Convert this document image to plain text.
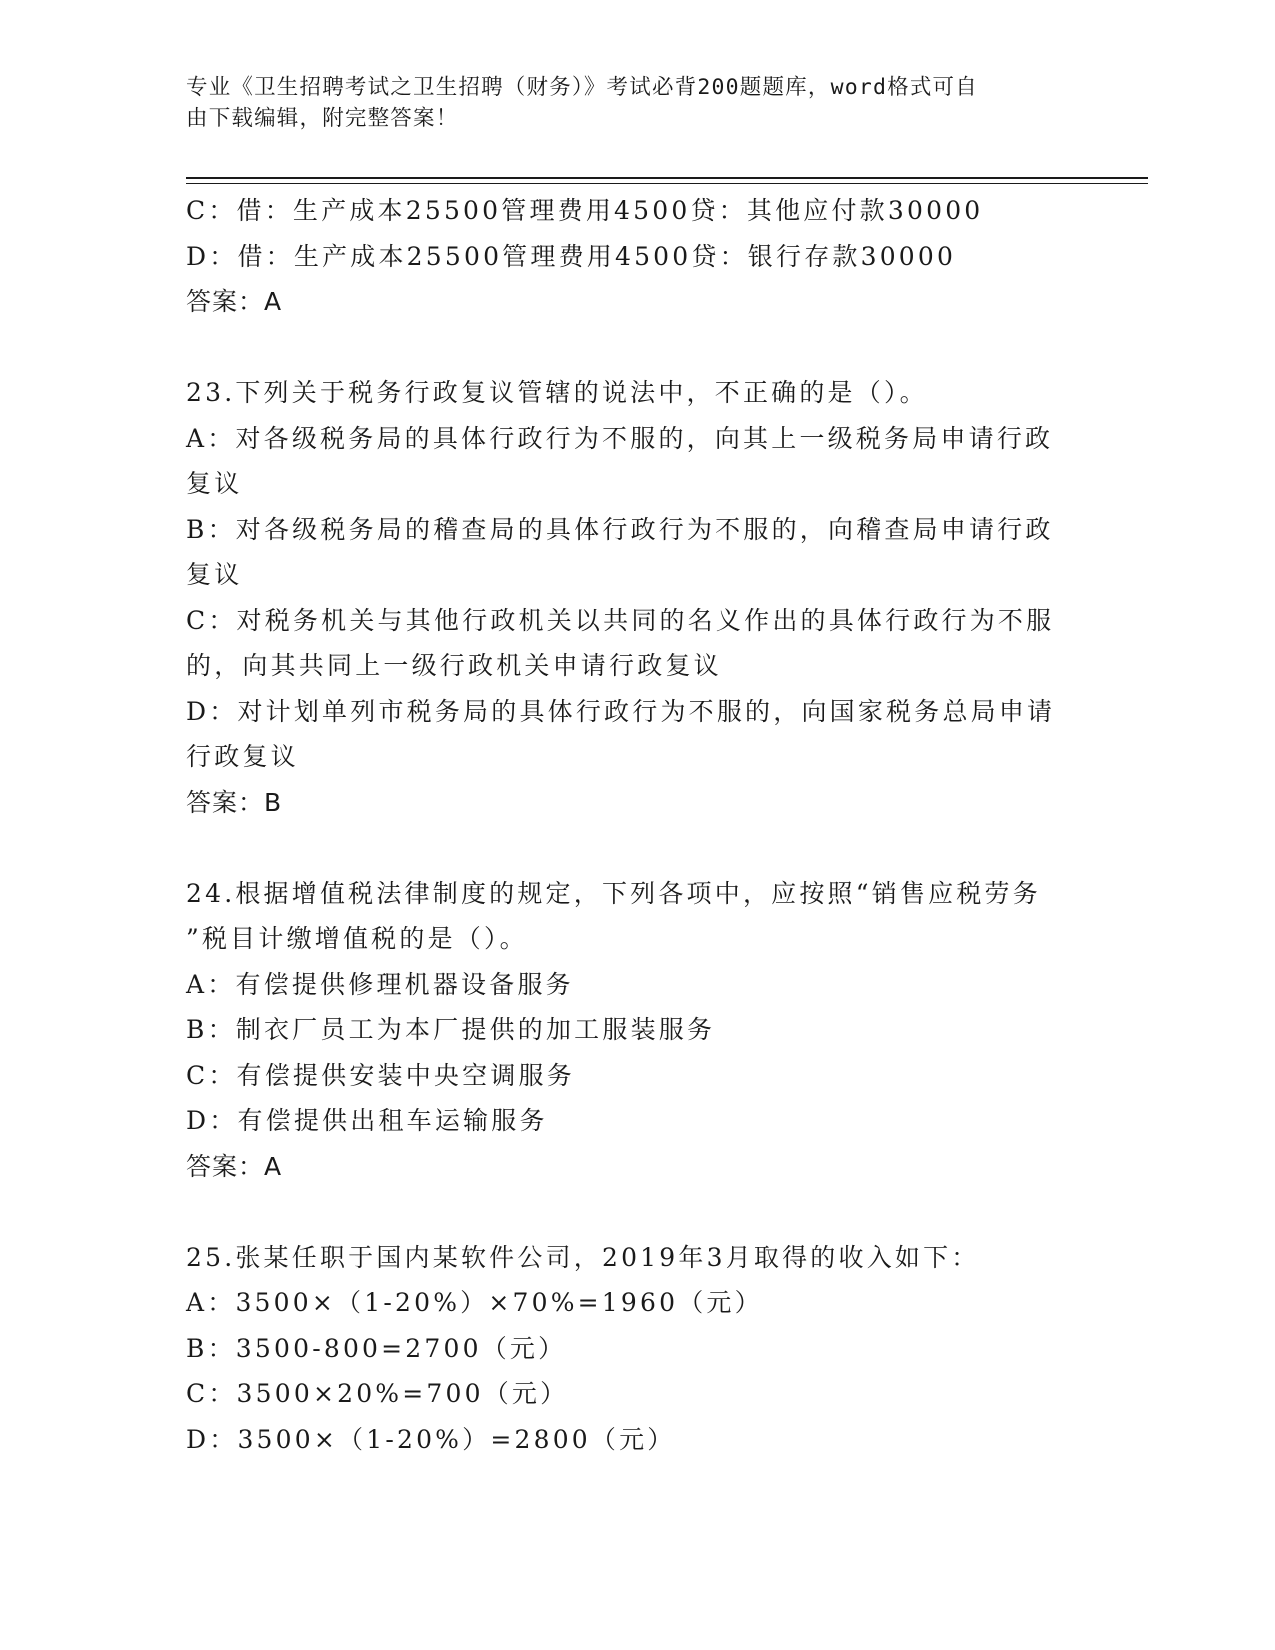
专业《卫生招聘考试之卫生招聘（财务）》考试必背200题题库，word格式可自
由下载编辑，附完整答案！

C：借：生产成本25500管理费用4500贷：其他应付款30000

D：借：生产成本25500管理费用4500贷：银行存款30000

答案：A

23.下列关于税务行政复议管辖的说法中，不正确的是（）。

A：对各级税务局的具体行政行为不服的，向其上一级税务局申请行政

复议

B：对各级税务局的稽查局的具体行政行为不服的，向稽查局申请行政

复议

C：对税务机关与其他行政机关以共同的名义作出的具体行政行为不服

的，向其共同上一级行政机关申请行政复议

D：对计划单列市税务局的具体行政行为不服的，向国家税务总局申请

行政复议

答案：B

24.根据增值税法律制度的规定，下列各项中，应按照“销售应税劳务

”税目计缴增值税的是（）。

A：有偿提供修理机器设备服务

B：制衣厂员工为本厂提供的加工服装服务

C：有偿提供安装中央空调服务

D：有偿提供出租车运输服务

答案：A

25.张某任职于国内某软件公司，2019年3月取得的收入如下：

A：3500×（1-20%）×70%=1960（元）

B：3500-800=2700（元）

C：3500×20%=700（元）

D：3500×（1-20%）=2800（元）
